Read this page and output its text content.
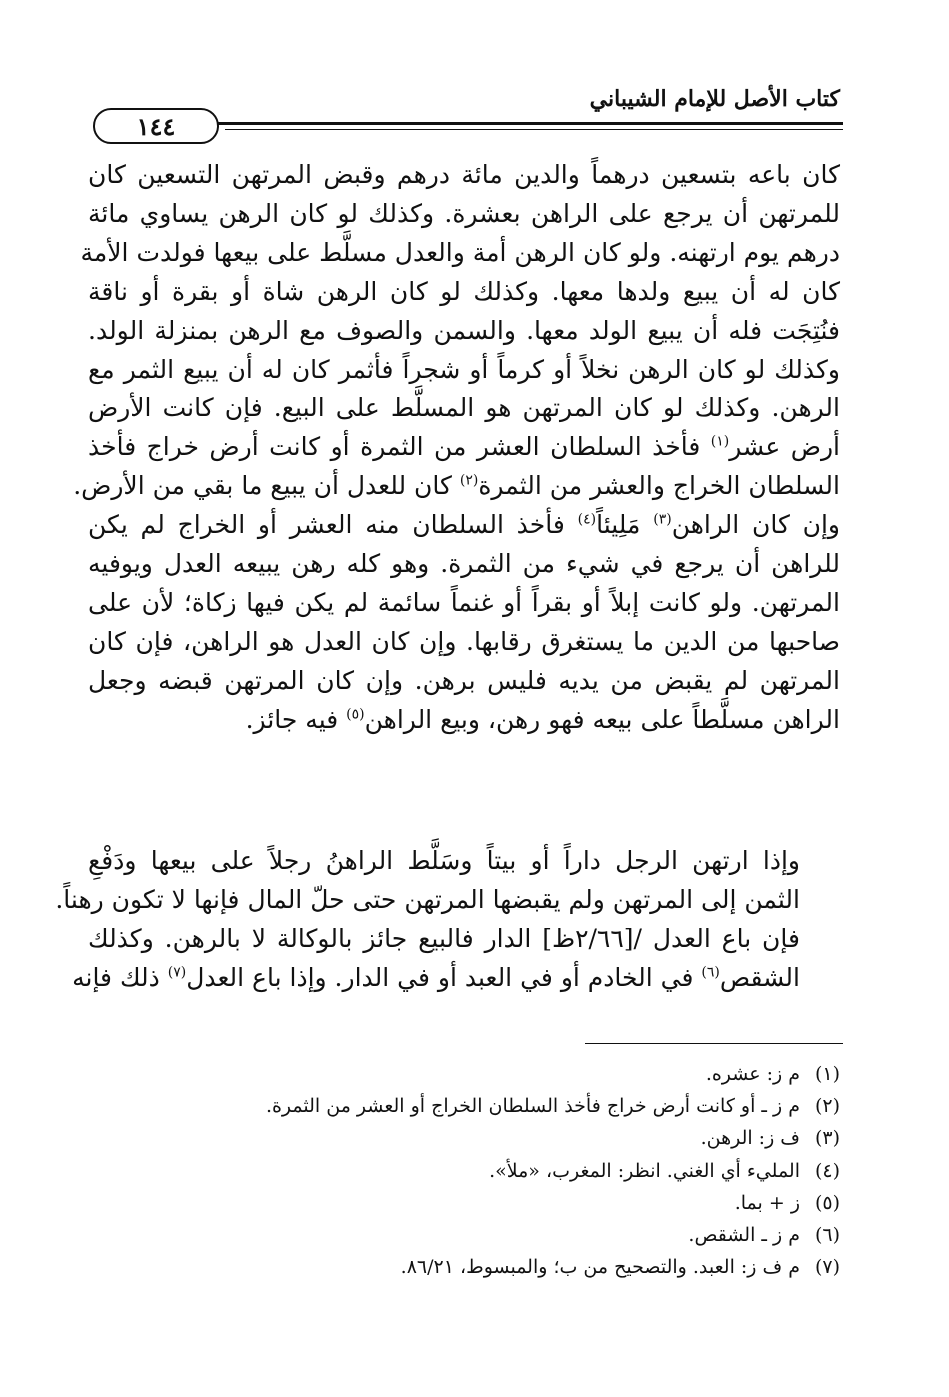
كتاب الأصل للإمام الشيباني
١٤٤
كان باعه بتسعين درهماً والدين مائة درهم وقبض المرتهن التسعين كان
للمرتهن أن يرجع على الراهن بعشرة. وكذلك لو كان الرهن يساوي مائة
درهم يوم ارتهنه. ولو كان الرهن أمة والعدل مسلَّط على بيعها فولدت الأمة
كان له أن يبيع ولدها معها. وكذلك لو كان الرهن شاة أو بقرة أو ناقة
فنُتِجَت فله أن يبيع الولد معها. والسمن والصوف مع الرهن بمنزلة الولد.
وكذلك لو كان الرهن نخلاً أو كرماً أو شجراً فأثمر كان له أن يبيع الثمر مع
الرهن. وكذلك لو كان المرتهن هو المسلَّط على البيع. فإن كانت الأرض
أرض عشر$^{(١)}$ فأخذ السلطان العشر من الثمرة أو كانت أرض خراج فأخذ
السلطان الخراج والعشر من الثمرة$^{(٢)}$ كان للعدل أن يبيع ما بقي من الأرض.
وإن كان الراهن$^{(٣)}$ مَلِيئاً$^{(٤)}$ فأخذ السلطان منه العشر أو الخراج لم يكن
للراهن أن يرجع في شيء من الثمرة. وهو كله رهن يبيعه العدل ويوفيه
المرتهن. ولو كانت إبلاً أو بقراً أو غنماً سائمة لم يكن فيها زكاة؛ لأن على
صاحبها من الدين ما يستغرق رقابها. وإن كان العدل هو الراهن، فإن كان
المرتهن لم يقبض من يديه فليس برهن. وإن كان المرتهن قبضه وجعل
الراهن مسلَّطاً على بيعه فهو رهن، وبيع الراهن$^{(٥)}$ فيه جائز.
وإذا ارتهن الرجل داراً أو بيتاً وسَلَّط الراهنُ رجلاً على بيعها ودَفْعِ
الثمن إلى المرتهن ولم يقبضها المرتهن حتى حلّ المال فإنها لا تكون رهناً.
فإن باع العدل /[٢/٦٦ظ] الدار فالبيع جائز بالوكالة لا بالرهن. وكذلك
الشقص$^{(٦)}$ في الخادم أو في العبد أو في الدار. وإذا باع العدل$^{(٧)}$ ذلك فإنه
(١)
م ز: عشره.
(٢)
م ز ـ أو كانت أرض خراج فأخذ السلطان الخراج أو العشر من الثمرة.
(٣)
ف ز: الرهن.
(٤)
المليء أي الغني. انظر: المغرب، «ملأ».
(٥)
ز + بما.
(٦)
م ز ـ الشقص.
(٧)
م ف ز: العبد. والتصحيح من ب؛ والمبسوط، ٨٦/٢١.
